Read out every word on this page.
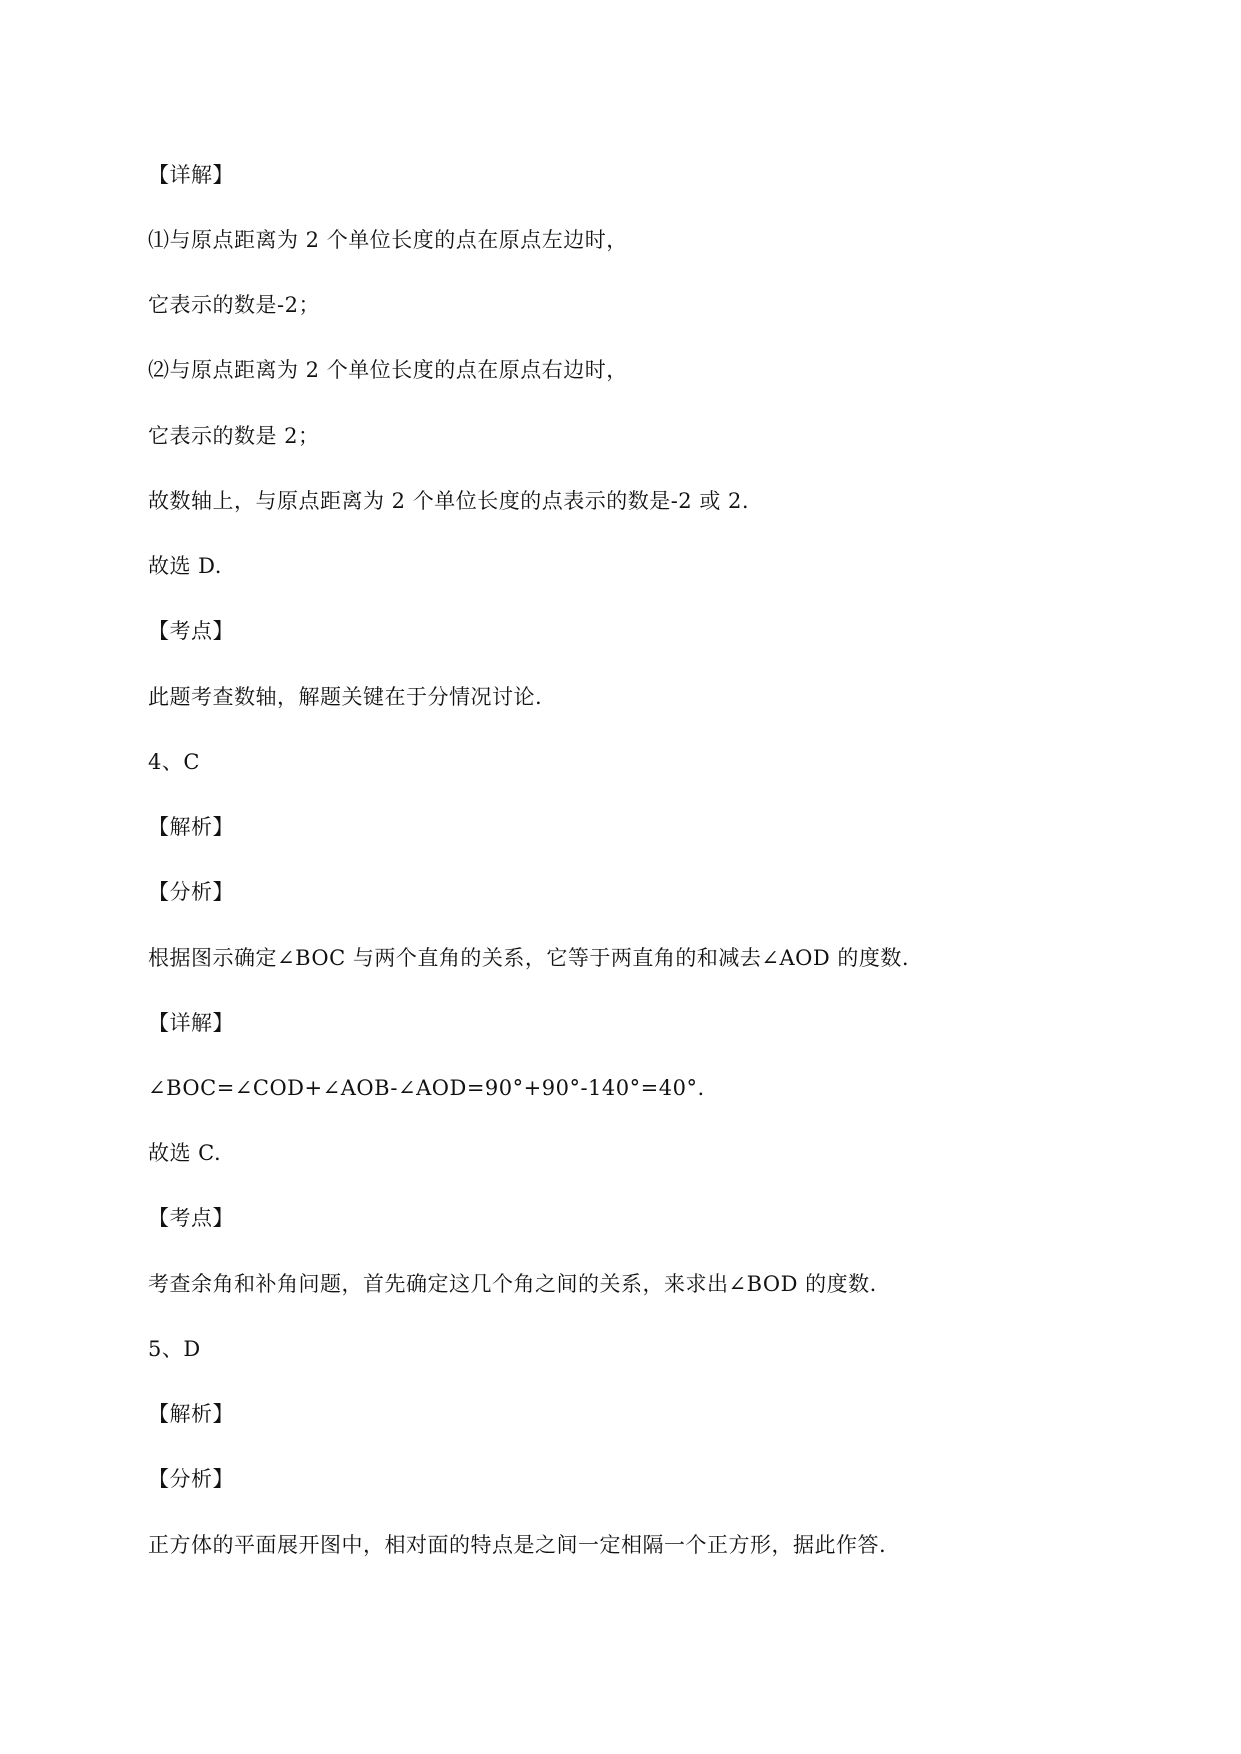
【详解】
⑴与原点距离为 2 个单位长度的点在原点左边时，
它表示的数是-2；
⑵与原点距离为 2 个单位长度的点在原点右边时，
它表示的数是 2；
故数轴上，与原点距离为 2 个单位长度的点表示的数是-2 或 2.
故选 D.
【考点】
此题考查数轴，解题关键在于分情况讨论.
4、C
【解析】
【分析】
根据图示确定∠BOC 与两个直角的关系，它等于两直角的和减去∠AOD 的度数.
【详解】
∠BOC=∠COD+∠AOB-∠AOD=90°+90°-140°=40°.
故选 C.
【考点】
考查余角和补角问题，首先确定这几个角之间的关系，来求出∠BOD 的度数.
5、D
【解析】
【分析】
正方体的平面展开图中，相对面的特点是之间一定相隔一个正方形，据此作答.
